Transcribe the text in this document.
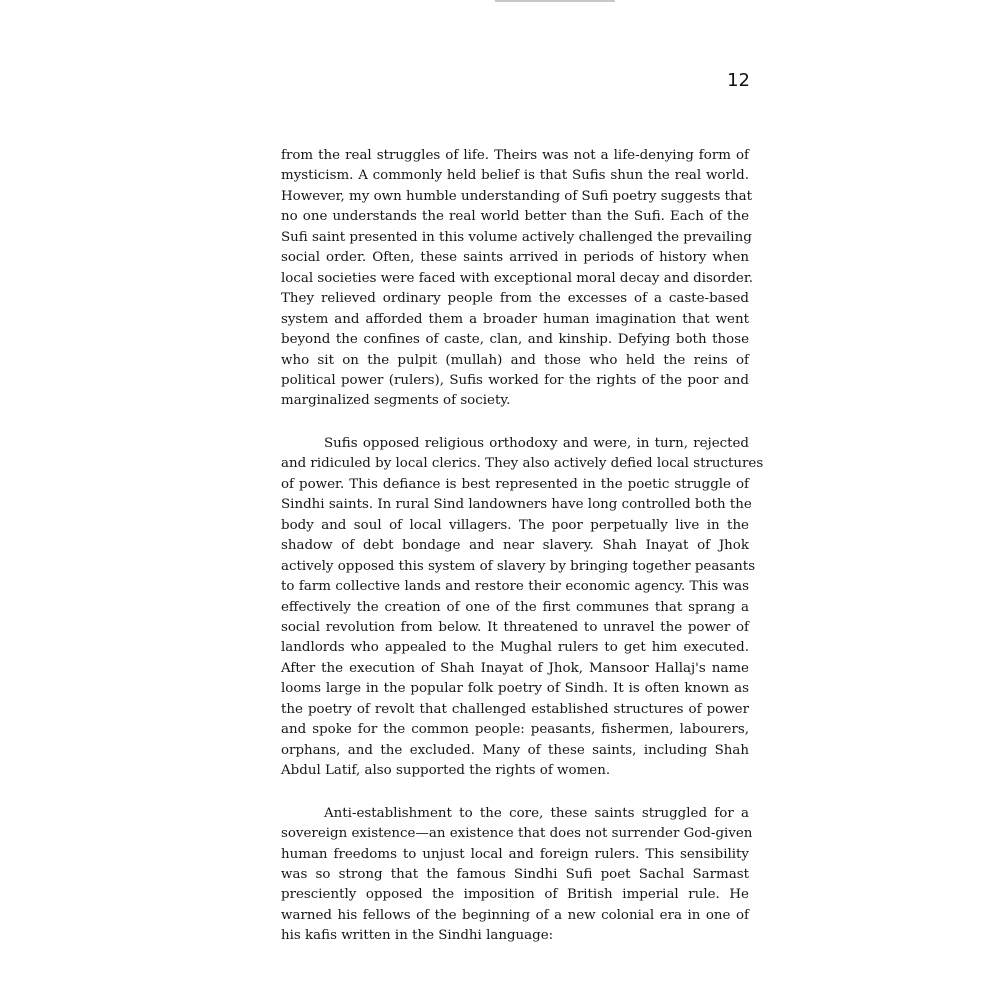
12

from the real struggles of life. Theirs was not a life-denying form of
mysticism. A commonly held belief is that Sufis shun the real world.
However, my own humble understanding of Sufi poetry suggests that
no one understands the real world better than the Sufi. Each of the
Sufi saint presented in this volume actively challenged the prevailing
social order. Often, these saints arrived in periods of history when
local societies were faced with exceptional moral decay and disorder.
They relieved ordinary people from the excesses of a caste-based
system and afforded them a broader human imagination that went
beyond the confines of caste, clan, and kinship. Defying both those
who sit on the pulpit (mullah) and those who held the reins of
political power (rulers), Sufis worked for the rights of the poor and
marginalized segments of society.

Sufis opposed religious orthodoxy and were, in turn, rejected
and ridiculed by local clerics. They also actively defied local structures
of power. This defiance is best represented in the poetic struggle of
Sindhi saints. In rural Sind landowners have long controlled both the
body and soul of local villagers. The poor perpetually live in the
shadow of debt bondage and near slavery. Shah Inayat of Jhok
actively opposed this system of slavery by bringing together peasants
to farm collective lands and restore their economic agency. This was
effectively the creation of one of the first communes that sprang a
social revolution from below. It threatened to unravel the power of
landlords who appealed to the Mughal rulers to get him executed.
After the execution of Shah Inayat of Jhok, Mansoor Hallaj's name
looms large in the popular folk poetry of Sindh. It is often known as
the poetry of revolt that challenged established structures of power
and spoke for the common people: peasants, fishermen, labourers,
orphans, and the excluded. Many of these saints, including Shah
Abdul Latif, also supported the rights of women.

Anti-establishment to the core, these saints struggled for a
sovereign existence—an existence that does not surrender God-given
human freedoms to unjust local and foreign rulers. This sensibility
was so strong that the famous Sindhi Sufi poet Sachal Sarmast
presciently opposed the imposition of British imperial rule. He
warned his fellows of the beginning of a new colonial era in one of
his kafis written in the Sindhi language:
